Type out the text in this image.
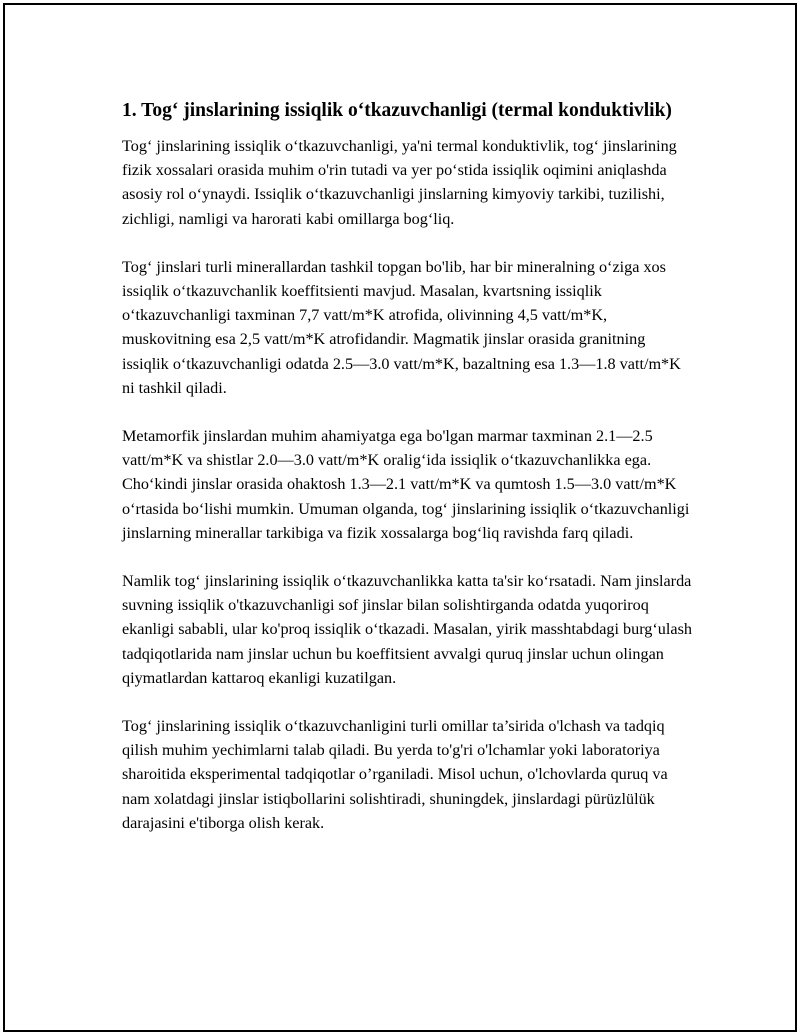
1. Tog‘ jinslarining issiqlik o‘tkazuvchanligi (termal konduktivlik)

Tog‘ jinslarining issiqlik o‘tkazuvchanligi, ya'ni termal konduktivlik, tog‘ jinslarining fizik xossalari orasida muhim o'rin tutadi va yer po‘stida issiqlik oqimini aniqlashda asosiy rol o‘ynaydi. Issiqlik o‘tkazuvchanligi jinslarning kimyoviy tarkibi, tuzilishi, zichligi, namligi va harorati kabi omillarga bog‘liq.

Tog‘ jinslari turli minerallardan tashkil topgan bo'lib, har bir mineralning o‘ziga xos issiqlik o‘tkazuvchanlik koeffitsienti mavjud. Masalan, kvartsning issiqlik o‘tkazuvchanligi taxminan 7,7 vatt/m*K atrofida, olivinning 4,5 vatt/m*K, muskovitning esa 2,5 vatt/m*K atrofidandir. Magmatik jinslar orasida granitning issiqlik o‘tkazuvchanligi odatda 2.5—3.0 vatt/m*K, bazaltning esa 1.3—1.8 vatt/m*K ni tashkil qiladi.

Metamorfik jinslardan muhim ahamiyatga ega bo'lgan marmar taxminan 2.1—2.5 vatt/m*K va shistlar 2.0—3.0 vatt/m*K oralig‘ida issiqlik o‘tkazuvchanlikka ega. Cho‘kindi jinslar orasida ohaktosh 1.3—2.1 vatt/m*K va qumtosh 1.5—3.0 vatt/m*K o‘rtasida bo‘lishi mumkin. Umuman olganda, tog‘ jinslarining issiqlik o‘tkazuvchanligi jinslarning minerallar tarkibiga va fizik xossalarga bog‘liq ravishda farq qiladi.

Namlik tog‘ jinslarining issiqlik o‘tkazuvchanlikka katta ta'sir ko‘rsatadi. Nam jinslarda suvning issiqlik o'tkazuvchanligi sof jinslar bilan solishtirganda odatda yuqoriroq ekanligi sababli, ular ko'proq issiqlik o‘tkazadi. Masalan, yirik masshtabdagi burg‘ulash tadqiqotlarida nam jinslar uchun bu koeffitsient avvalgi quruq jinslar uchun olingan qiymatlardan kattaroq ekanligi kuzatilgan.

Tog‘ jinslarining issiqlik o‘tkazuvchanligini turli omillar ta’sirida o'lchash va tadqiq qilish muhim yechimlarni talab qiladi. Bu yerda to'g'ri o'lchamlar yoki laboratoriya sharoitida eksperimental tadqiqotlar o’rganiladi. Misol uchun, o'lchovlarda quruq va nam xolatdagi jinslar istiqbollarini solishtiradi, shuningdek, jinslardagi pürüzlülük darajasini e'tiborga olish kerak.
